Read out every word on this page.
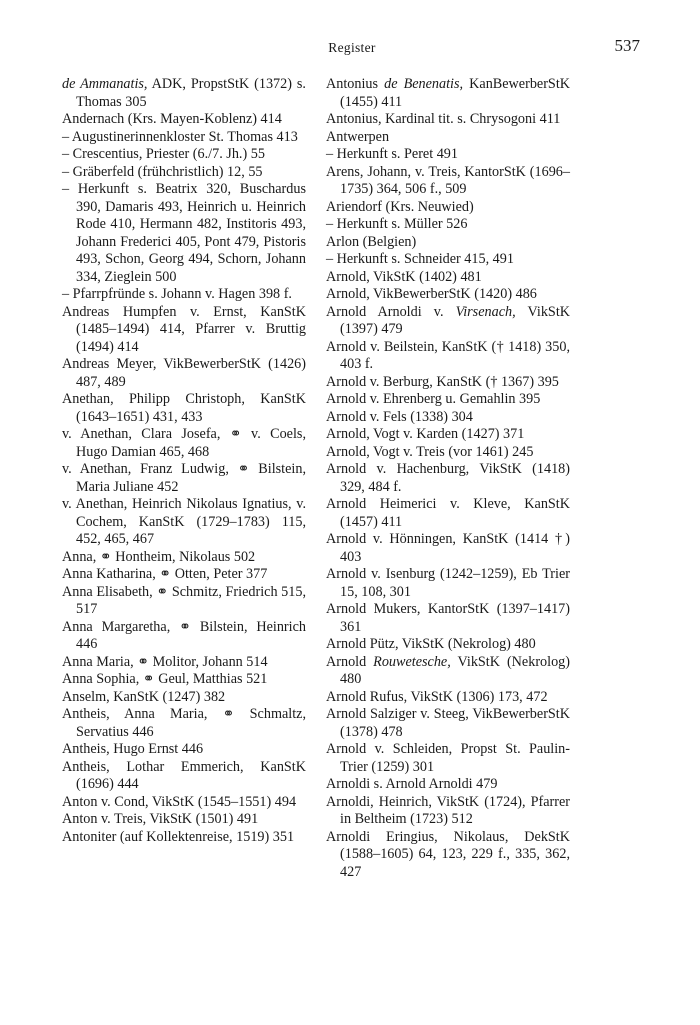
Register	537
de Ammanatis, ADK, PropstStK (1372) s. Thomas 305
Andernach (Krs. Mayen-Koblenz) 414
– Augustinerinnenkloster St. Thomas 413
– Crescentius, Priester (6./7. Jh.) 55
– Gräberfeld (frühchristlich) 12, 55
– Herkunft s. Beatrix 320, Buschardus 390, Damaris 493, Heinrich u. Heinrich Rode 410, Hermann 482, Institoris 493, Johann Frederici 405, Pont 479, Pistoris 493, Schon, Georg 494, Schorn, Johann 334, Zieglein 500
– Pfarrpfründe s. Johann v. Hagen 398 f.
Andreas Humpfen v. Ernst, KanStK (1485–1494) 414, Pfarrer v. Bruttig (1494) 414
Andreas Meyer, VikBewerberStK (1426) 487, 489
Anethan, Philipp Christoph, KanStK (1643–1651) 431, 433
v. Anethan, Clara Josefa, ⚭ v. Coels, Hugo Damian 465, 468
v. Anethan, Franz Ludwig, ⚭ Bilstein, Maria Juliane 452
v. Anethan, Heinrich Nikolaus Ignatius, v. Cochem, KanStK (1729–1783) 115, 452, 465, 467
Anna, ⚭ Hontheim, Nikolaus 502
Anna Katharina, ⚭ Otten, Peter 377
Anna Elisabeth, ⚭ Schmitz, Friedrich 515, 517
Anna Margaretha, ⚭ Bilstein, Heinrich 446
Anna Maria, ⚭ Molitor, Johann 514
Anna Sophia, ⚭ Geul, Matthias 521
Anselm, KanStK (1247) 382
Antheis, Anna Maria, ⚭ Schmaltz, Servatius 446
Antheis, Hugo Ernst 446
Antheis, Lothar Emmerich, KanStK (1696) 444
Anton v. Cond, VikStK (1545–1551) 494
Anton v. Treis, VikStK (1501) 491
Antoniter (auf Kollektenreise, 1519) 351
Antonius de Benenatis, KanBewerberStK (1455) 411
Antonius, Kardinal tit. s. Chrysogoni 411
Antwerpen
– Herkunft s. Peret 491
Arens, Johann, v. Treis, KantorStK (1696–1735) 364, 506 f., 509
Ariendorf (Krs. Neuwied)
– Herkunft s. Müller 526
Arlon (Belgien)
– Herkunft s. Schneider 415, 491
Arnold, VikStK (1402) 481
Arnold, VikBewerberStK (1420) 486
Arnold Arnoldi v. Virsenach, VikStK (1397) 479
Arnold v. Beilstein, KanStK († 1418) 350, 403 f.
Arnold v. Berburg, KanStK († 1367) 395
Arnold v. Ehrenberg u. Gemahlin 395
Arnold v. Fels (1338) 304
Arnold, Vogt v. Karden (1427) 371
Arnold, Vogt v. Treis (vor 1461) 245
Arnold v. Hachenburg, VikStK (1418) 329, 484 f.
Arnold Heimerici v. Kleve, KanStK (1457) 411
Arnold v. Hönningen, KanStK (1414 †) 403
Arnold v. Isenburg (1242–1259), Eb Trier 15, 108, 301
Arnold Mukers, KantorStK (1397–1417) 361
Arnold Pütz, VikStK (Nekrolog) 480
Arnold Rouwetesche, VikStK (Nekrolog) 480
Arnold Rufus, VikStK (1306) 173, 472
Arnold Salziger v. Steeg, VikBewerberStK (1378) 478
Arnold v. Schleiden, Propst St. Paulin-Trier (1259) 301
Arnoldi s. Arnold Arnoldi 479
Arnoldi, Heinrich, VikStK (1724), Pfarrer in Beltheim (1723) 512
Arnoldi Eringius, Nikolaus, DekStK (1588–1605) 64, 123, 229 f., 335, 362, 427
